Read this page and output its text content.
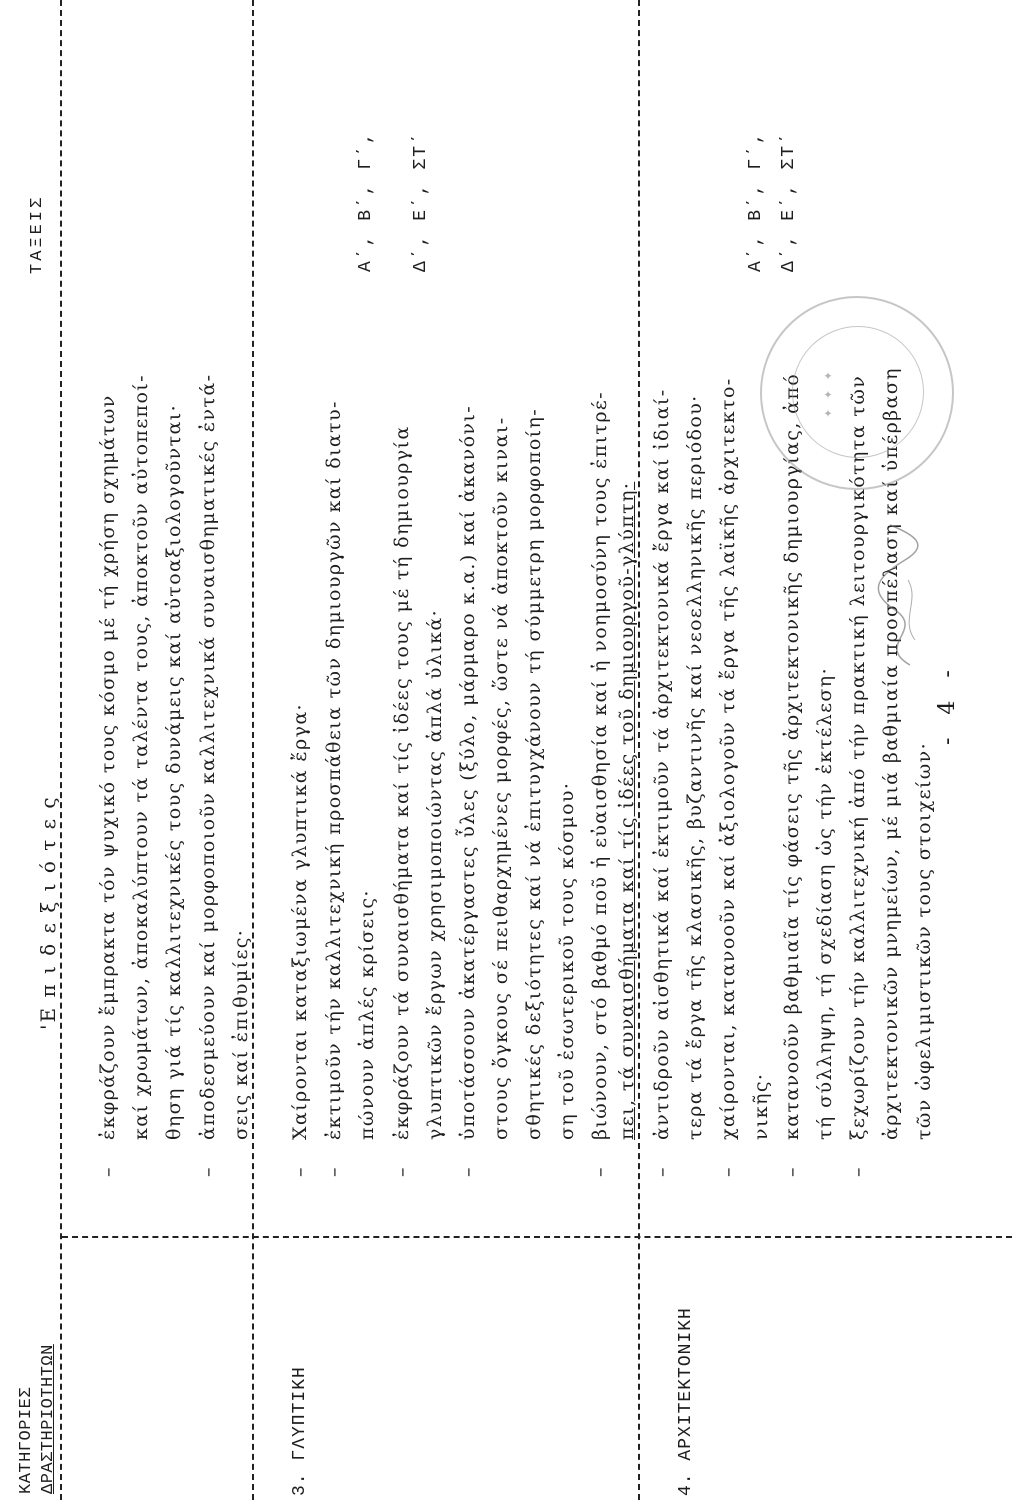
ΚΑΤΗΓΟΡΙΕΣ ΔΡΑΣΤΗΡΙΟΤΗΤΩΝ
'Ε π ι δ ε ξ ι ό τ ε ς
ΤΑΞΕΙΣ
–
ἐκφράζουν ἔμπρακτα τόν ψυχικό τους κόσμο μέ τή χρήση σχημάτων καί χρωμάτων, ἀποκαλύπτουν τά ταλέντα τους, ἀποκτοῦν αὐτοπεποί- θηση γιά τίς καλλιτεχνικές τους δυνάμεις καί αὐτοαξιολογοῦνται·
–
ἀποδεσμεύουν καί μορφοποιοῦν καλλιτεχνικά συναισθηματικές ἐντά- σεις καί ἐπιθυμίες·
3. ΓΛΥΠΤΙΚΗ
Α΄, Β΄, Γ΄,	Δ΄, Ε΄, ΣΤ΄
–
Χαίρονται καταξιωμένα γλυπτικά ἔργα·
–
ἐκτιμοῦν τήν καλλιτεχνική προσπάθεια τῶν δημιουργῶν καί διατυ- πώνουν ἁπλές κρίσεις·
–
ἐκφράζουν τά συναισθήματα καί τίς ἰδέες τους μέ τή δημιουργία γλυπτικῶν ἔργων χρησιμοποιώντας ἁπλά ὑλικά·
–
ὑποτάσσουν ἀκατέργαστες ὗλες (ξύλο, μάρμαρο κ.α.) καί ἀκανόνι- στους ὄγκους σέ πειθαρχημένες μορφές, ὥστε νά ἀποκτοῦν κιναι- σθητικές δεξιότητες καί νά ἐπιτυγχάνουν τή σύμμετρη μορφοποίη- ση τοῦ ἐσωτερικοῦ τους κόσμου·
–
βιώνουν, στό βαθμό ποῦ ἡ εὐαισθησία καί ἡ νοημοσύνη τους ἐπιτρέ- πει, τά συναισθήματα καί τίς ἰδέες τοῦ δημιουργοῦ-γλύπτη·
4. ΑΡΧΙΤΕΚΤΟΝΙΚΗ
Α΄, Β΄, Γ΄, Δ΄, Ε΄, ΣΤ΄
–
ἀντιδροῦν αἰσθητικά καί ἐκτιμοῦν τά ἀρχιτεκτονικά ἔργα καί ἰδιαί- τερα τά ἔργα τῆς κλασικῆς, βυζαντινῆς καί νεοελληνικῆς περιόδου·
–
χαίρονται, κατανοοῦν καί ἀξιολογοῦν τά ἔργα τῆς λαϊκῆς ἀρχιτεκτο- νικῆς·
–
κατανοοῦν βαθμιαῖα τίς φάσεις τῆς ἀρχιτεκτονικῆς δημιουργίας, ἀπό τή σύλληψη, τή σχεδίαση ὡς τήν ἐκτέλεση·
–
ξεχωρίζουν τήν καλλιτεχνική ἀπό τήν πρακτική λειτουργικότητα τῶν ἀρχιτεκτονικῶν μνημείων, μέ μιά βαθμιαία προσπέλαση καί ὑπέρβαση τῶν ὠφελιμιστικῶν τους στοιχείων·
- 4 -
✦ ✦ ✦
